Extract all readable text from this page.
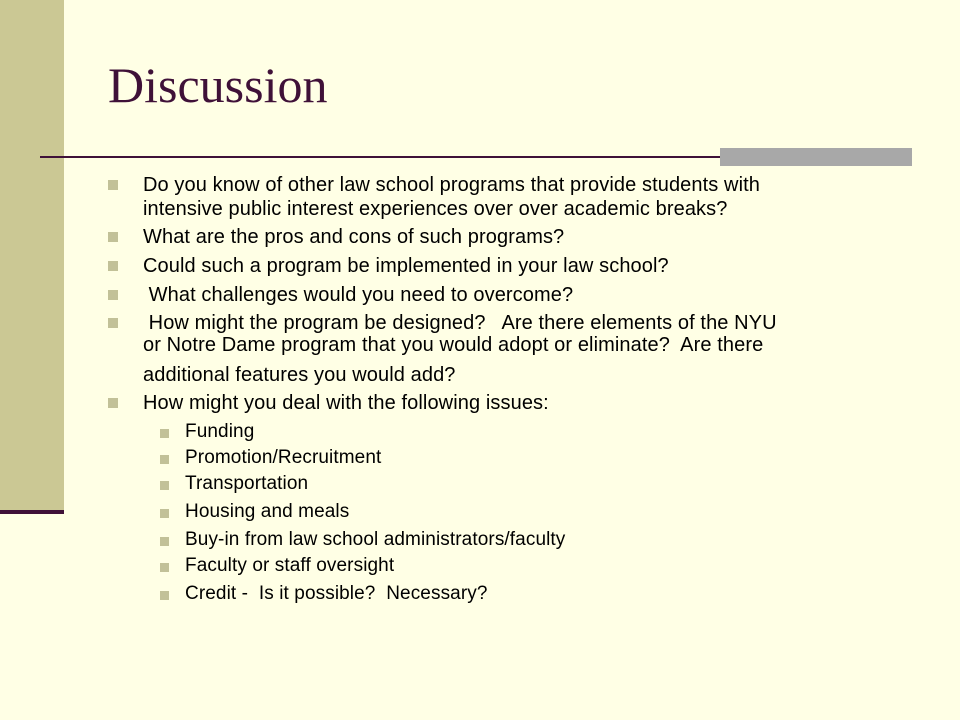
Discussion
Do you know of other law school programs that provide students with
intensive public interest experiences over over academic breaks?
What are the pros and cons of such programs?
Could such a program be implemented in your law school?
What challenges would you need to overcome?
How might the program be designed?   Are there elements of the NYU
or Notre Dame program that you would adopt or eliminate?  Are there
additional features you would add?
How might you deal with the following issues:
Funding
Promotion/Recruitment
Transportation
Housing and meals
Buy-in from law school administrators/faculty
Faculty or staff oversight
Credit -  Is it possible?  Necessary?
